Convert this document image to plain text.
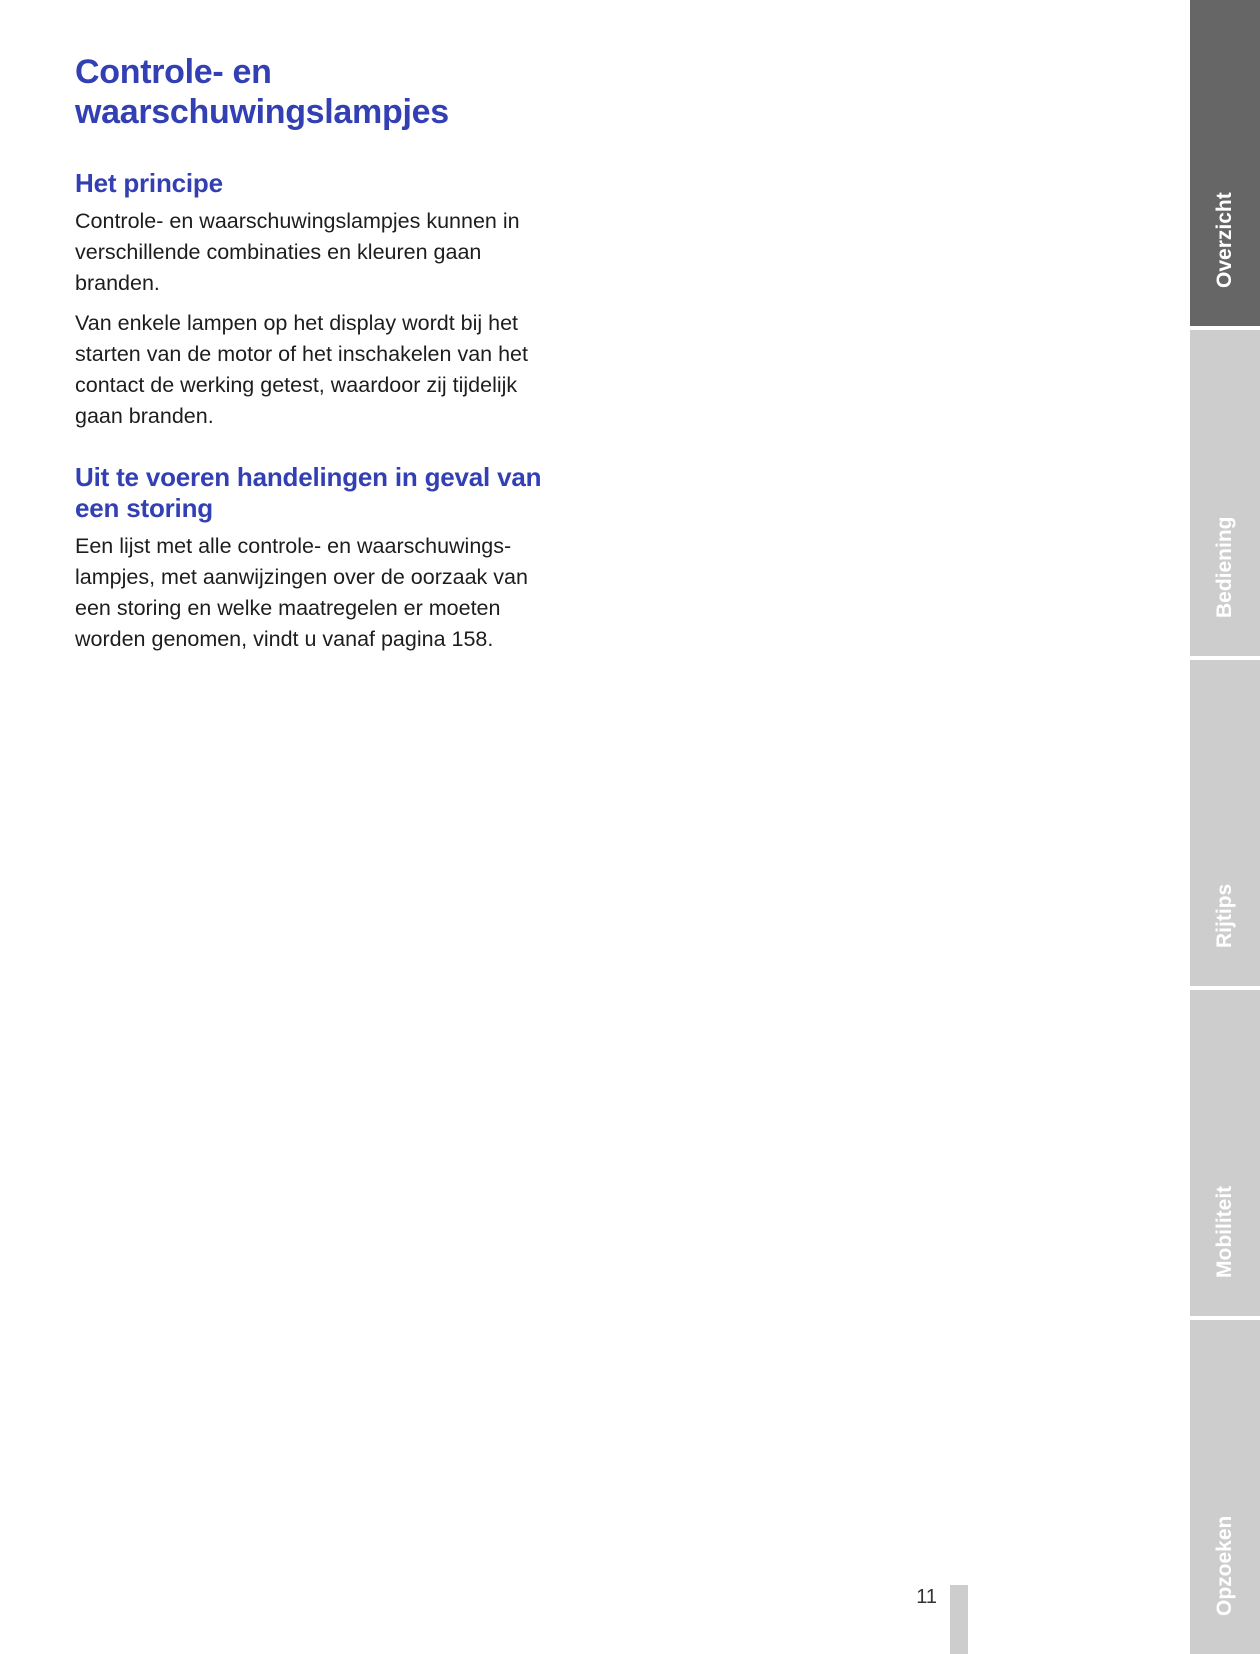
Controle- en
waarschuwingslampjes
Het principe

Controle- en waarschuwingslampjes kunnen in
verschillende combinaties en kleuren gaan
branden.

Van enkele lampen op het display wordt bij het
starten van de motor of het inschakelen van het
contact de werking getest, waardoor zij tijdelijk
gaan branden.

Uit te voeren handelingen in geval van
een storing

Een lijst met alle controle- en waarschuwings-
lampjes, met aanwijzingen over de oorzaak van
een storing en welke maatregelen er moeten
worden genomen, vindt u vanaf pagina 158.

Overzicht
Bediening
Rijtips
Mobiliteit
Opzoeken
11
